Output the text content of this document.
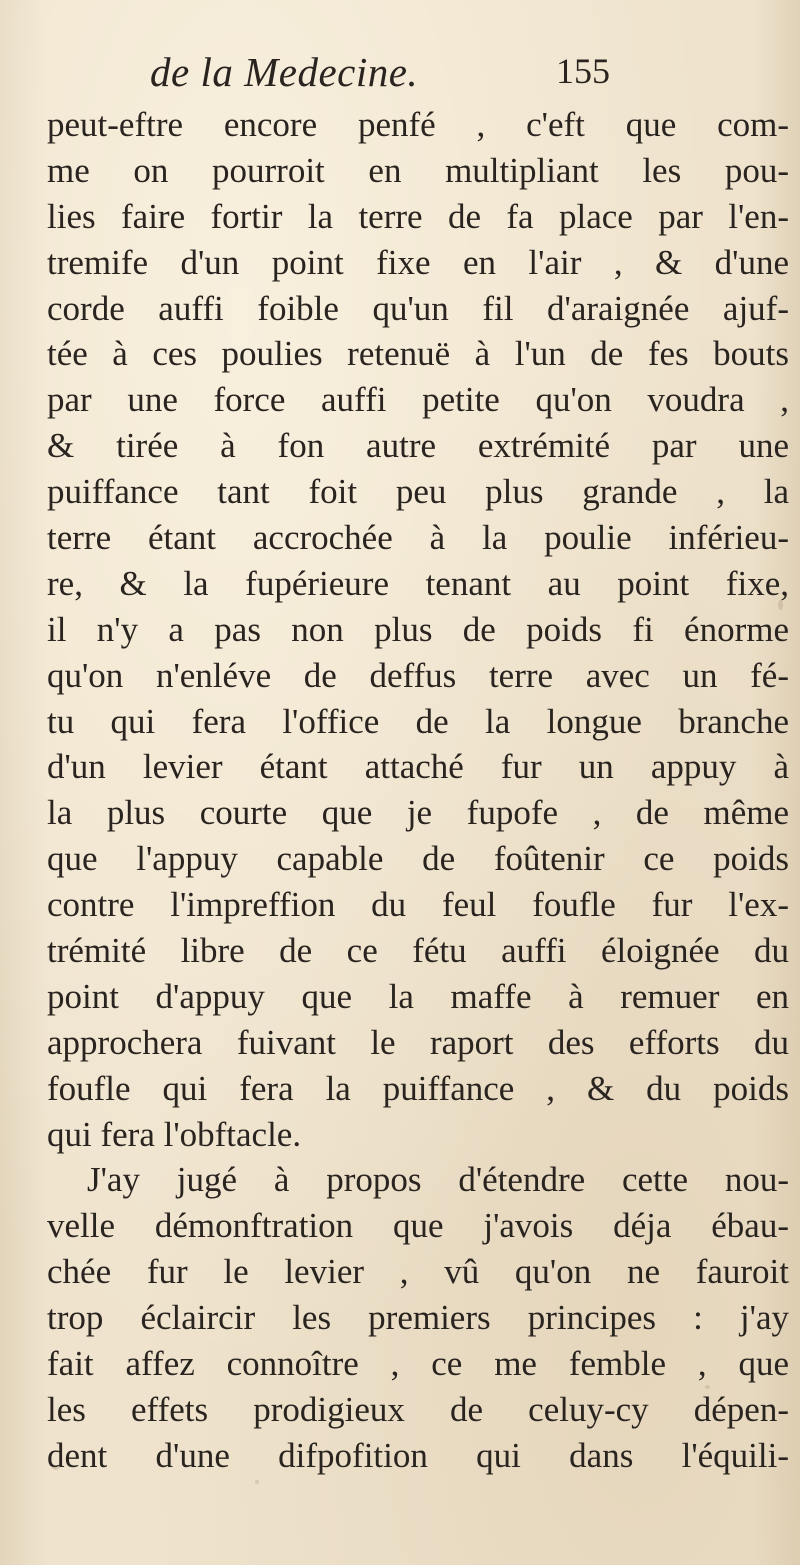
de la Medecine.	155
peut-eftre encore penfé , c'eft que com-
me on pourroit en multipliant les pou-
lies faire fortir la terre de fa place par l'en-
tremife d'un point fixe en l'air , & d'une
corde auffi foible qu'un fil d'araignée ajuf-
tée à ces poulies retenuë à l'un de fes bouts
par une force auffi petite qu'on voudra ,
& tirée à fon autre extrémité par une
puiffance tant foit peu plus grande , la
terre étant accrochée à la poulie inférieu-
re, & la fupérieure tenant au point fixe,
il n'y a pas non plus de poids fi énorme
qu'on n'enléve de deffus terre avec un fé-
tu qui fera l'office de la longue branche
d'un levier étant attaché fur un appuy à
la plus courte que je fupofe , de même
que l'appuy capable de foûtenir ce poids
contre l'impreffion du feul foufle fur l'ex-
trémité libre de ce fétu auffi éloignée du
point d'appuy que la maffe à remuer en
approchera fuivant le raport des efforts du
foufle qui fera la puiffance , & du poids
qui fera l'obftacle.
J'ay jugé à propos d'étendre cette nou-
velle démonftration que j'avois déja ébau-
chée fur le levier , vû qu'on ne fauroit
trop éclaircir les premiers principes : j'ay
fait affez connoître , ce me femble , que
les effets prodigieux de celuy-cy dépen-
dent d'une difpofition qui dans l'équili-
